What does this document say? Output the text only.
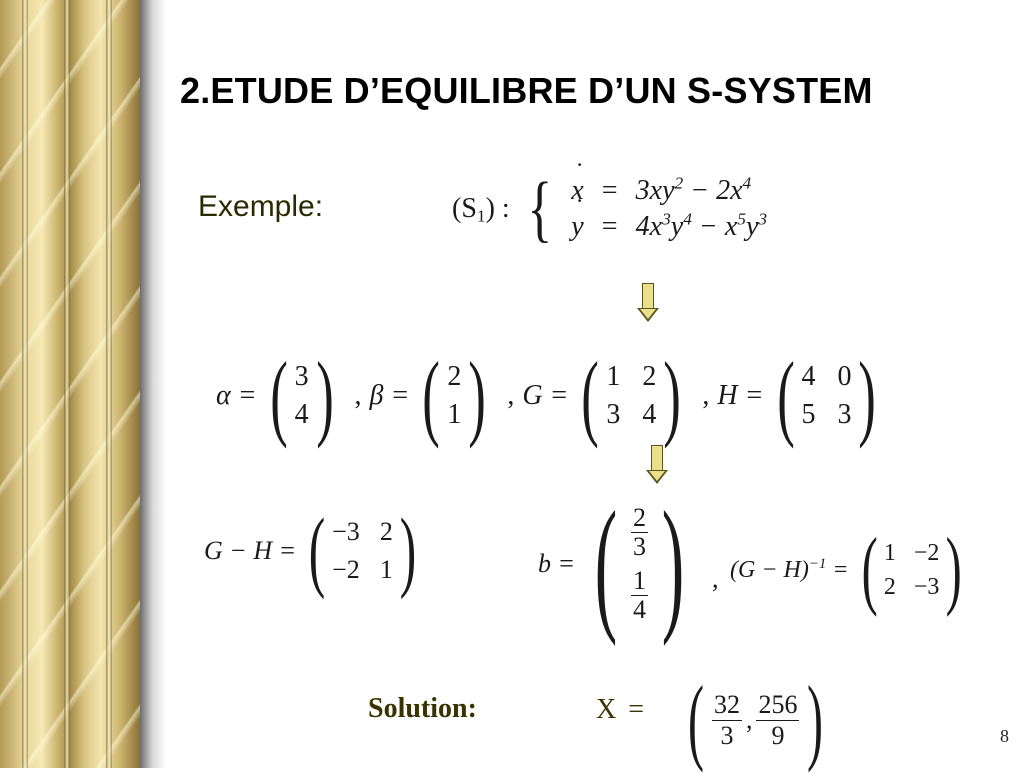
2.ETUDE D’EQUILIBRE D’UN S-SYSTEM
Exemple:	$(S_1)$ : {
˙ $x = 3xy^2 - 2x^4$
˙ $y = 4x^3y^4 - x^5y^3$
α = ( 3
4 ) , β = ( 2
1 ) , G = ( 1 2
3 4 ) , H = ( 4 0
5 3 )
G − H = ( −3 2
−2 1 )	b = ( $\frac{2}{3}$
$\frac{1}{4}$ ) , $(G - H)^{-1}$ = ( 1 −2
2 −3 )
Solution:	X = ( $\frac{32}{3}$ , $\frac{256}{9}$ )	8
